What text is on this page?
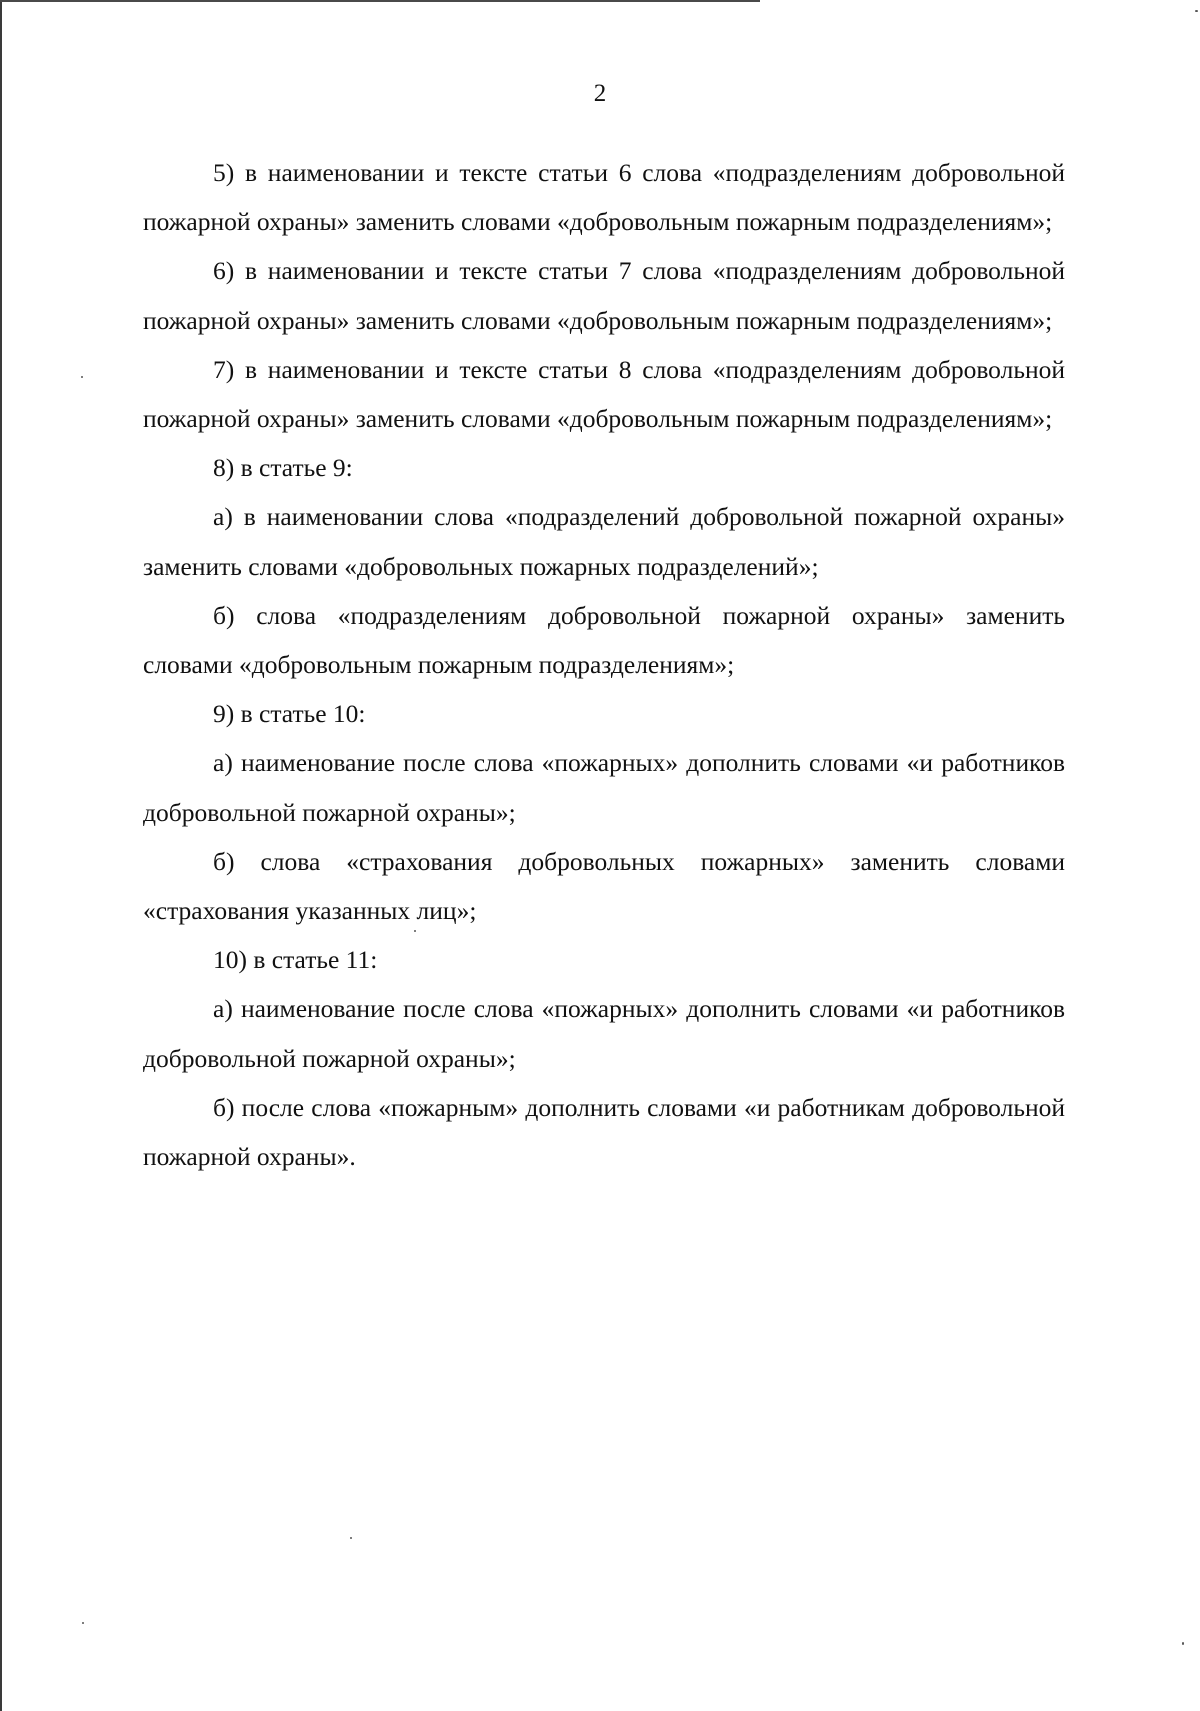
2

5) в наименовании и тексте статьи 6 слова «подразделениям добровольной пожарной охраны» заменить словами «добровольным пожарным подразделениям»;

6) в наименовании и тексте статьи 7 слова «подразделениям добровольной пожарной охраны» заменить словами «добровольным пожарным подразделениям»;

7) в наименовании и тексте статьи 8 слова «подразделениям добровольной пожарной охраны» заменить словами «добровольным пожарным подразделениям»;

8) в статье 9:

а) в наименовании слова «подразделений добровольной пожарной охраны» заменить словами «добровольных пожарных подразделений»;

б) слова «подразделениям добровольной пожарной охраны» заменить словами «добровольным пожарным подразделениям»;

9) в статье 10:

а) наименование после слова «пожарных» дополнить словами «и работников добровольной пожарной охраны»;

б) слова «страхования добровольных пожарных» заменить словами «страхования указанных лиц»;

10) в статье 11:

а) наименование после слова «пожарных» дополнить словами «и работников добровольной пожарной охраны»;

б) после слова «пожарным» дополнить словами «и работникам добровольной пожарной охраны».
